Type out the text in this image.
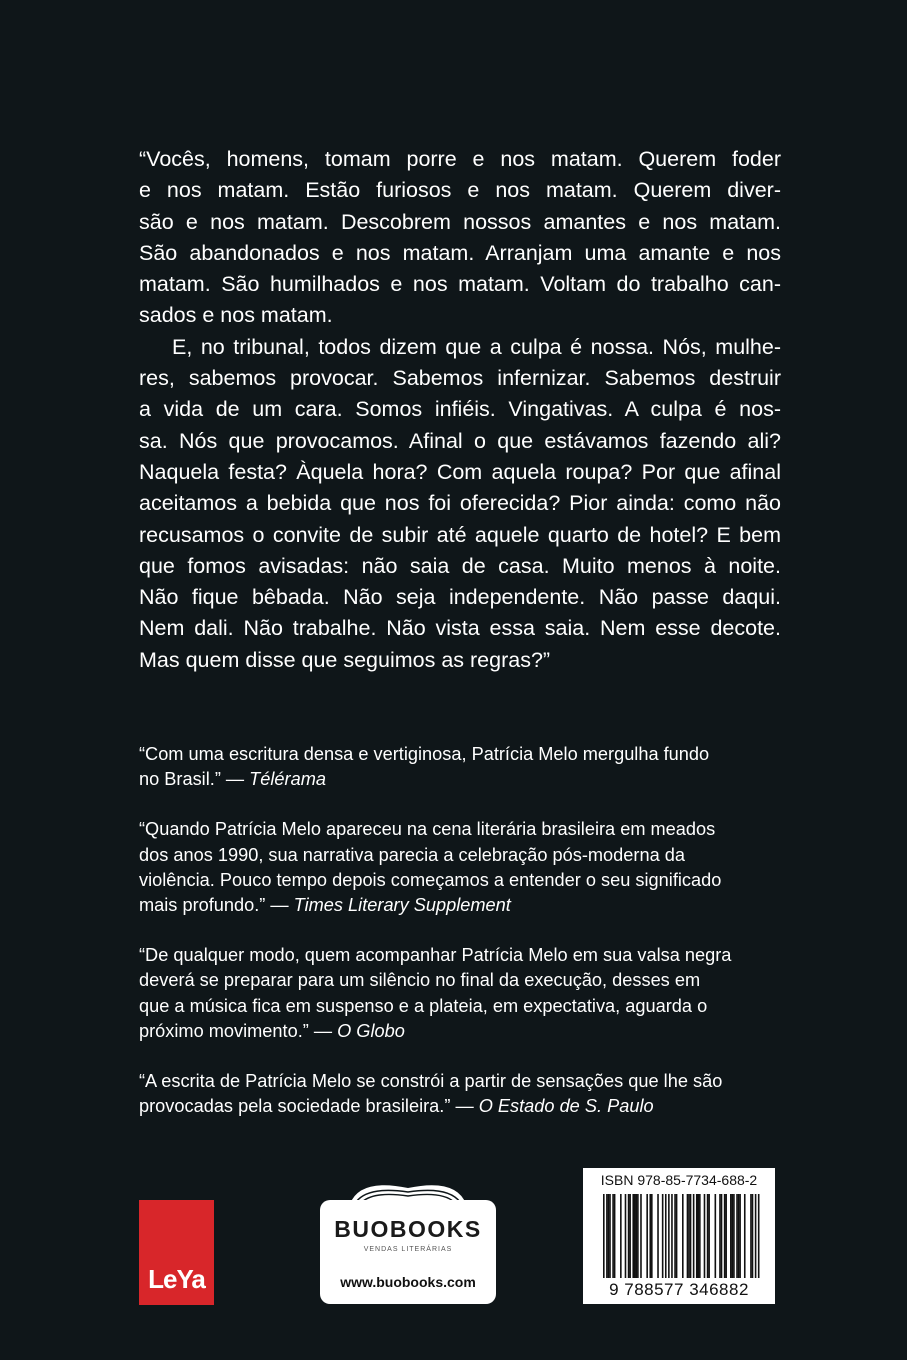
“Vocês, homens, tomam porre e nos matam. Querem foder
e nos matam. Estão furiosos e nos matam. Querem diver-
são e nos matam. Descobrem nossos amantes e nos matam.
São abandonados e nos matam. Arranjam uma amante e nos
matam. São humilhados e nos matam. Voltam do trabalho can-
sados e nos matam.
E, no tribunal, todos dizem que a culpa é nossa. Nós, mulhe-
res, sabemos provocar. Sabemos infernizar. Sabemos destruir
a vida de um cara. Somos infiéis. Vingativas. A culpa é nos-
sa. Nós que provocamos. Afinal o que estávamos fazendo ali?
Naquela festa? Àquela hora? Com aquela roupa? Por que afinal
aceitamos a bebida que nos foi oferecida? Pior ainda: como não
recusamos o convite de subir até aquele quarto de hotel? E bem
que fomos avisadas: não saia de casa. Muito menos à noite.
Não fique bêbada. Não seja independente. Não passe daqui.
Nem dali. Não trabalhe. Não vista essa saia. Nem esse decote.
Mas quem disse que seguimos as regras?”
“Com uma escritura densa e vertiginosa, Patrícia Melo mergulha fundo
no Brasil.” — Télérama
“Quando Patrícia Melo apareceu na cena literária brasileira em meados
dos anos 1990, sua narrativa parecia a celebração pós-moderna da
violência. Pouco tempo depois começamos a entender o seu significado
mais profundo.” — Times Literary Supplement
“De qualquer modo, quem acompanhar Patrícia Melo em sua valsa negra
deverá se preparar para um silêncio no final da execução, desses em
que a música fica em suspenso e a plateia, em expectativa, aguarda o
próximo movimento.” — O Globo
“A escrita de Patrícia Melo se constrói a partir de sensações que lhe são
provocadas pela sociedade brasileira.” — O Estado de S. Paulo
LeYa
BUOBOOKS
VENDAS LITERÁRIAS
www.buobooks.com
ISBN 978-85-7734-688-2
9 788577 346882
